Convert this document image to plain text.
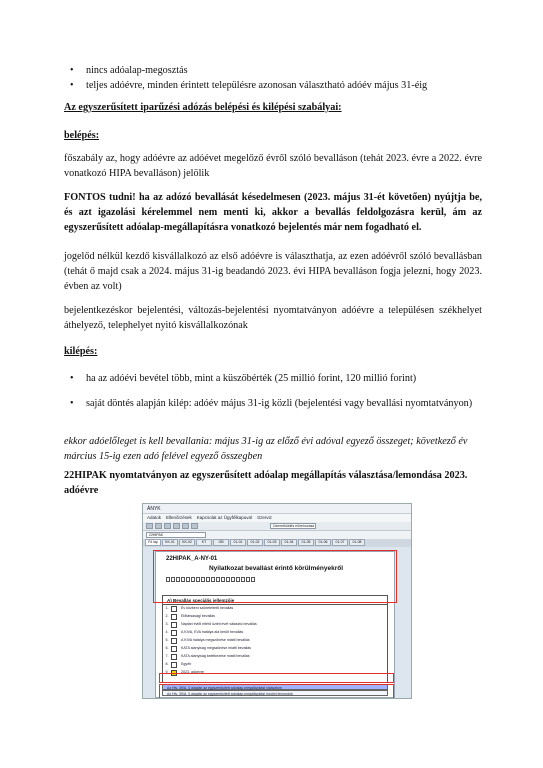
• nincs adóalap-megosztás
• teljes adóévre, minden érintett településre azonosan választható adóév május 31-éig
Az egyszerűsített iparűzési adózás belépési és kilépési szabályai:
belépés:
főszabály az, hogy adóévre az adóévet megelőző évről szóló bevalláson (tehát 2023. évre a 2022. évre vonatkozó HIPA bevalláson) jelölik
FONTOS tudni! ha az adózó bevallását késedelmesen (2023. május 31-ét követően) nyújtja be, és azt igazolási kérelemmel nem menti ki, akkor a bevallás feldolgozásra kerül, ám az egyszerűsített adóalap-megállapításra vonatkozó bejelentés már nem fogadható el.
jogelőd nélkül kezdő kisvállalkozó az első adóévre is választhatja, az ezen adóévről szóló bevallásban (tehát ő majd csak a 2024. május 31-ig beadandó 2023. évi HIPA bevalláson fogja jelezni, hogy 2023. évben az volt)
bejelentkezéskor bejelentési, változás-bejelentési nyomtatványon adóévre a településen székhelyet áthelyező, telephelyet nyitó kisvállalkozónak
kilépés:
• ha az adóévi bevétel több, mint a küszöbérték (25 millió forint, 120 millió forint)
• saját döntés alapján kilép: adóév május 31-ig közli (bejelentési vagy bevallási nyomtatványon)
ekkor adóelőleget is kell bevallania: május 31-ig az előző évi adóval egyező összeget; következő év március 15-ig ezen adó felével egyező összegben
22HIPAK nyomtatványon az egyszerűsített adóalap megállapítás választása/lemondása 2023. adóévre
ÁNYK
Adatok Ellenőrzések Kapcsolat az Ügyfélkapuval Szerviz
Üzenetküldés előrehozása
22HIPAK
Fő lap	KK-01	KK-02	KT	GB	01-01	01-02	01-03	01-04	01-05	01-06	01-07	01-08
22HIPAK_A-NY-01
Nyilatkozat bevallást érintő körülményekről
A) Bevallás speciális jellemzője
1.	Év közbeni szüneteltető bevallás
2.	Előtársasági bevallás
3.	Naptári évtől eltérő üzleti évet választó bevallás
4.	A KIVA, EVA hatálya alá került bevallás
5.	A KIVA hatálya megszűnése miatti bevallás
6.	KATA alanyiság megszűnése miatti bevallás
7.	KATA alanyiság keletkezése miatti bevallás
8.	Egyéb
9.	2023. adóévre
Az Htv. 39/A. § alapján az egyszerűsített adóalap-megállapítást választom
Az Htv. 39/A. § alapján az egyszerűsített adóalap-megállapítási módról lemondok
